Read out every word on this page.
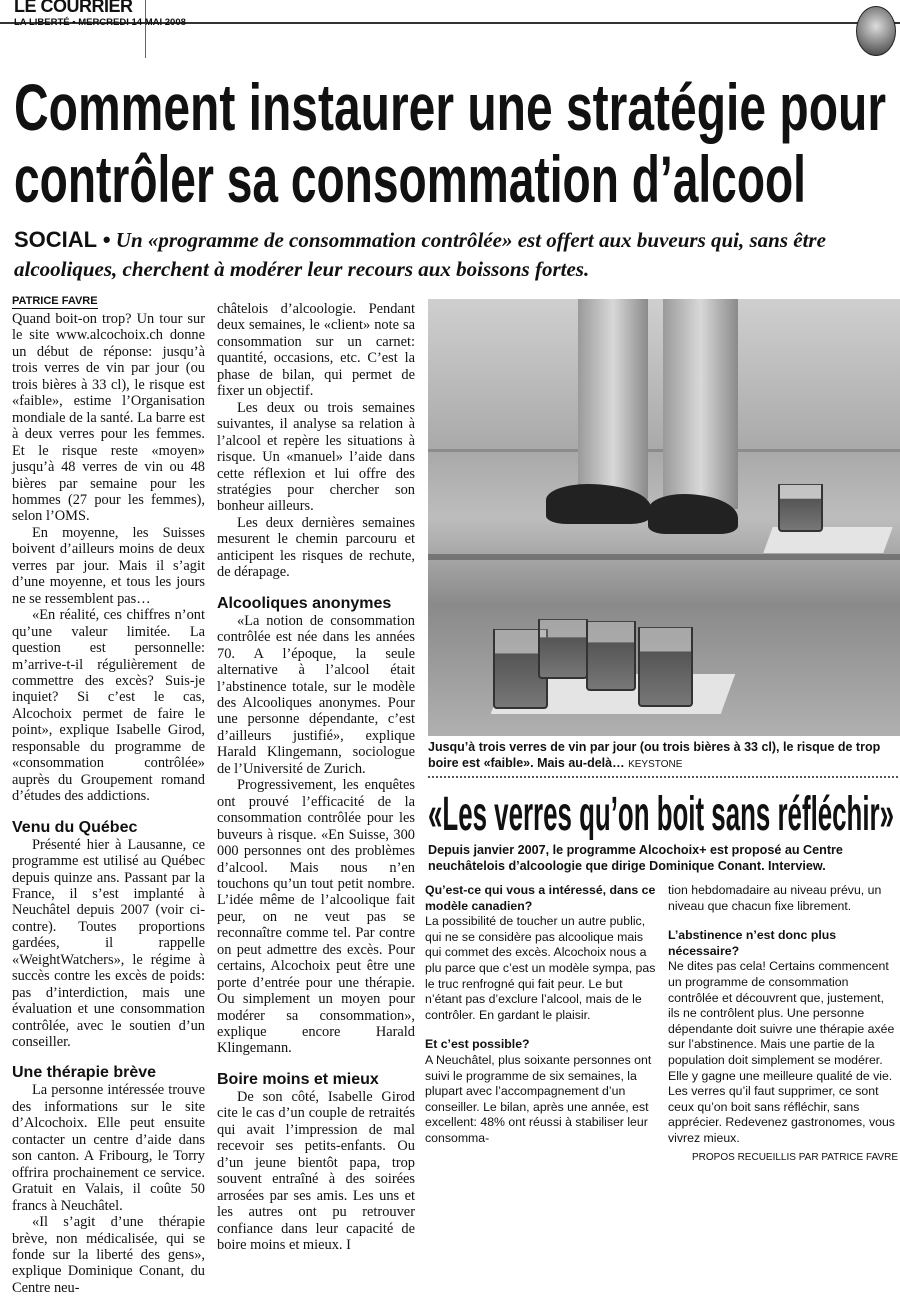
LE COURRIER
LA LIBERTÉ • MERCREDI 14 MAI 2008
Comment instaurer une stratégie pour
contrôler sa consommation d’alcool
SOCIAL • Un «programme de consommation contrôlée» est offert aux buveurs qui, sans être alcooliques, cherchent à modérer leur recours aux boissons fortes.
PATRICE FAVRE

Quand boit-on trop? Un tour sur le site www.alcochoix.ch donne un début de réponse: jusqu’à trois verres de vin par jour (ou trois bières à 33 cl), le risque est «faible», estime l’Organisation mondiale de la santé. La barre est à deux verres pour les femmes. Et le risque reste «moyen» jusqu’à 48 verres de vin ou 48 bières par semaine pour les hommes (27 pour les femmes), selon l’OMS.

En moyenne, les Suisses boivent d’ailleurs moins de deux verres par jour. Mais il s’agit d’une moyenne, et tous les jours ne se ressemblent pas…

«En réalité, ces chiffres n’ont qu’une valeur limitée. La question est personnelle: m’arrive-t-il régulièrement de commettre des excès? Suis-je inquiet? Si c’est le cas, Alcochoix permet de faire le point», explique Isabelle Girod, responsable du programme de «consommation contrôlée» auprès du Groupement romand d’études des addictions.

Venu du Québec

Présenté hier à Lausanne, ce programme est utilisé au Québec depuis quinze ans. Passant par la France, il s’est implanté à Neuchâtel depuis 2007 (voir ci-contre). Toutes proportions gardées, il rappelle «WeightWatchers», le régime à succès contre les excès de poids: pas d’interdiction, mais une évaluation et une consommation contrôlée, avec le soutien d’un conseiller.

Une thérapie brève

La personne intéressée trouve des informations sur le site d’Alcochoix. Elle peut ensuite contacter un centre d’aide dans son canton. A Fribourg, le Torry offrira prochainement ce service. Gratuit en Valais, il coûte 50 francs à Neuchâtel.

«Il s’agit d’une thérapie brève, non médicalisée, qui se fonde sur la liberté des gens», explique Dominique Conant, du Centre neu-

châtelois d’alcoologie. Pendant deux semaines, le «client» note sa consommation sur un carnet: quantité, occasions, etc. C’est la phase de bilan, qui permet de fixer un objectif.

Les deux ou trois semaines suivantes, il analyse sa relation à l’alcool et repère les situations à risque. Un «manuel» l’aide dans cette réflexion et lui offre des stratégies pour chercher son bonheur ailleurs.

Les deux dernières semaines mesurent le chemin parcouru et anticipent les risques de rechute, de dérapage.

Alcooliques anonymes

«La notion de consommation contrôlée est née dans les années 70. A l’époque, la seule alternative à l’alcool était l’abstinence totale, sur le modèle des Alcooliques anonymes. Pour une personne dépendante, c’est d’ailleurs justifié», explique Harald Klingemann, sociologue de l’Université de Zurich.

Progressivement, les enquêtes ont prouvé l’efficacité de la consommation contrôlée pour les buveurs à risque. «En Suisse, 300 000 personnes ont des problèmes d’alcool. Mais nous n’en touchons qu’un tout petit nombre. L’idée même de l’alcoolique fait peur, on ne veut pas se reconnaître comme tel. Par contre on peut admettre des excès. Pour certains, Alcochoix peut être une porte d’entrée pour une thérapie. Ou simplement un moyen pour modérer sa consommation», explique encore Harald Klingemann.

Boire moins et mieux

De son côté, Isabelle Girod cite le cas d’un couple de retraités qui avait l’impression de mal recevoir ses petits-enfants. Ou d’un jeune bientôt papa, trop souvent entraîné à des soirées arrosées par ses amis. Les uns et les autres ont pu retrouver confiance dans leur capacité de boire moins et mieux. I

Jusqu’à trois verres de vin par jour (ou trois bières à 33 cl), le risque de trop boire est «faible». Mais au-delà… KEYSTONE
«Les verres qu’on boit sans réfléchir»
Depuis janvier 2007, le programme Alcochoix+ est proposé au Centre neuchâtelois d’alcoologie que dirige Dominique Conant. Interview.
Qu’est-ce qui vous a intéressé, dans ce modèle canadien?
La possibilité de toucher un autre public, qui ne se considère pas alcoolique mais qui commet des excès. Alcochoix nous a plu parce que c’est un modèle sympa, pas le truc renfrogné qui fait peur. Le but n’étant pas d’exclure l’alcool, mais de le contrôler. En gardant le plaisir.
Et c’est possible?
A Neuchâtel, plus soixante personnes ont suivi le programme de six semaines, la plupart avec l’accompagnement d’un conseiller. Le bilan, après une année, est excellent: 48% ont réussi à stabiliser leur consomma-
tion hebdomadaire au niveau prévu, un niveau que chacun fixe librement.
L’abstinence n’est donc plus nécessaire?
Ne dites pas cela! Certains commencent un programme de consommation contrôlée et découvrent que, justement, ils ne contrôlent plus. Une personne dépendante doit suivre une thérapie axée sur l’abstinence. Mais une partie de la population doit simplement se modérer. Elle y gagne une meilleure qualité de vie. Les verres qu’il faut supprimer, ce sont ceux qu’on boit sans réfléchir, sans apprécier. Redevenez gastronomes, vous vivrez mieux.
PROPOS RECUEILLIS PAR PATRICE FAVRE
